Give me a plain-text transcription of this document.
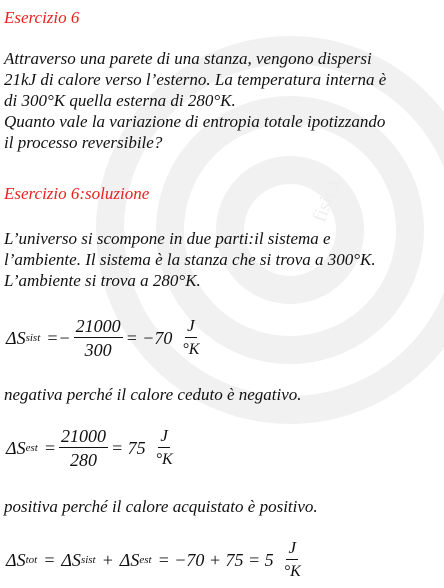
fisica
Esercizio 6
Attraverso una parete di una stanza, vengono dispersi
21kJ di calore verso l’esterno. La temperatura interna è
di 300°K quella esterna di 280°K.
Quanto vale la variazione di entropia totale ipotizzando
il processo reversibile?
Esercizio 6:soluzione
L’universo si scompone in due parti:il sistema e
l’ambiente. Il sistema è la stanza che si trova a 300°K.
L’ambiente si trova a 280°K.
ΔS sist = − $\frac{21000}{300} = -70 \frac{J}{^\circ K}$
negativa perché il calore ceduto è negativo.
ΔS est = $\frac{21000}{280} = 75 \frac{J}{^\circ K}$
positiva perché il calore acquistato è positivo.
ΔS tot = ΔS sist + ΔS est = $-70 + 75 = 5 \frac{J}{^\circ K}$
